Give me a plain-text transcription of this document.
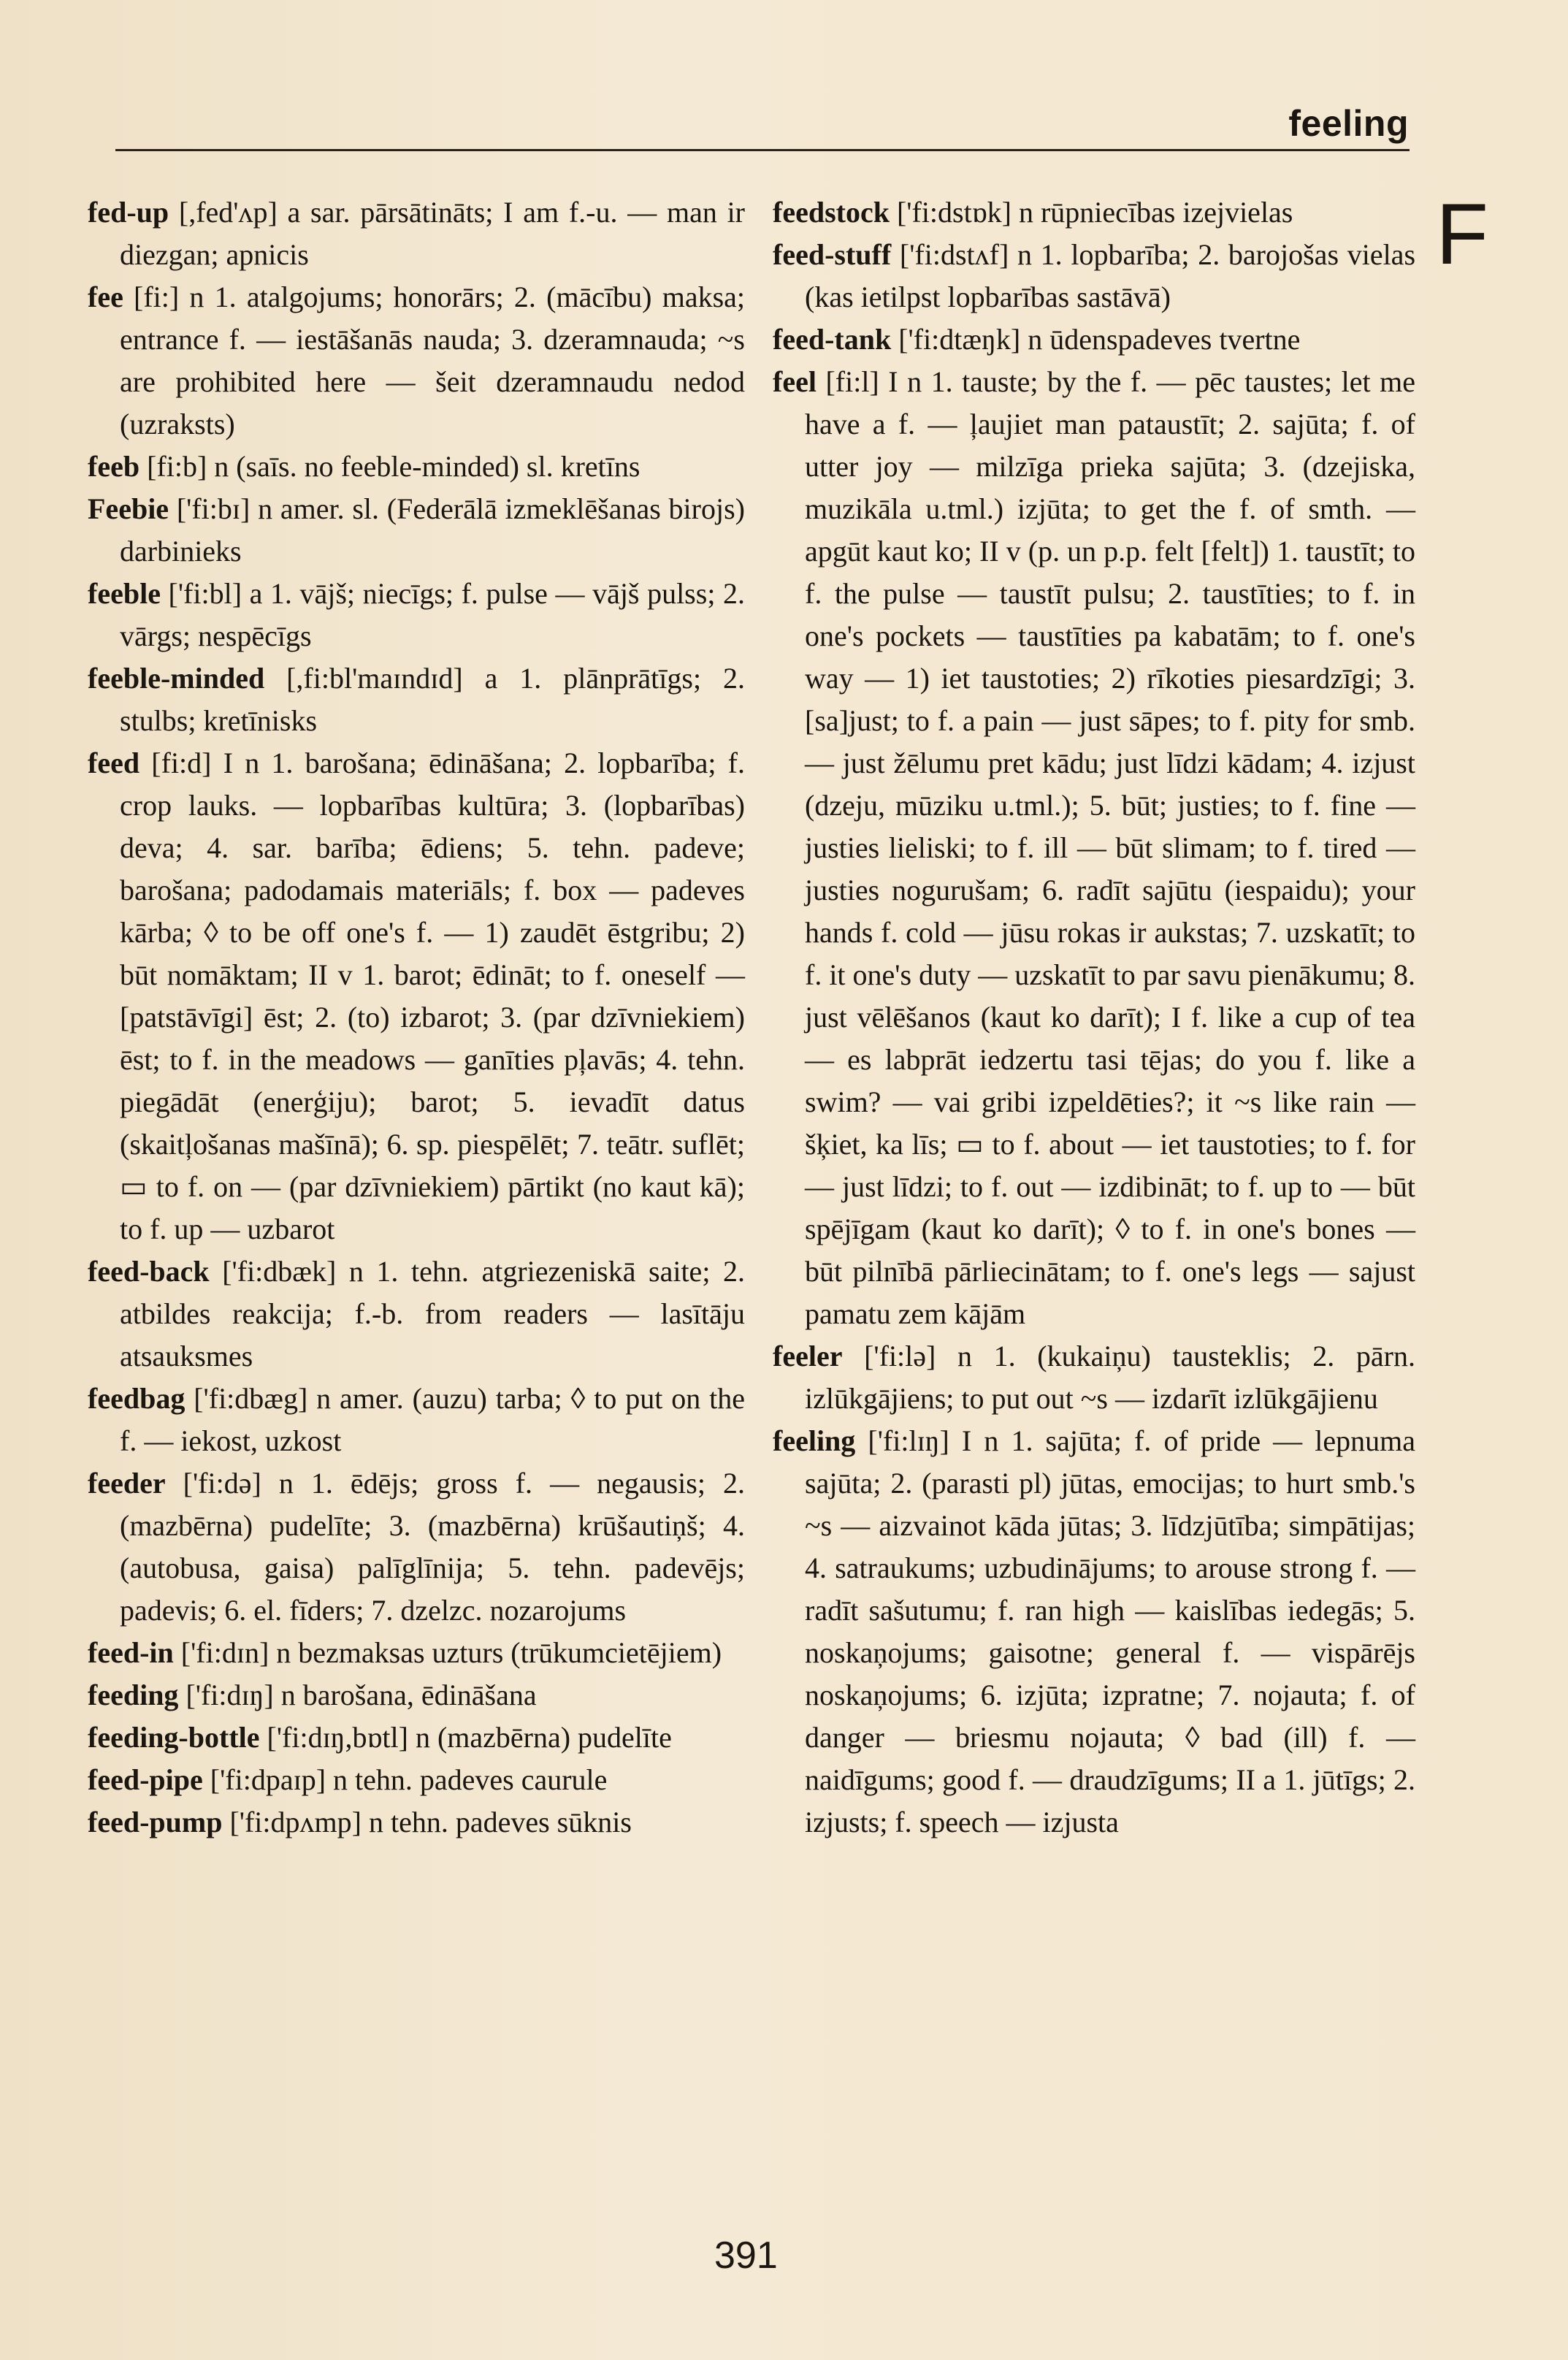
feeling
F

fed-up [,fed'ʌp] a sar. pārsātināts; I am f.-u. — man ir diezgan; apnicis

fee [fi:] n 1. atalgojums; honorārs; 2. (mācību) maksa; entrance f. — iestāšanās nauda; 3. dzeramnauda; ~s are prohibited here — šeit dzeramnaudu nedod (uzraksts)

feeb [fi:b] n (saīs. no feeble-minded) sl. kretīns

Feebie ['fi:bɪ] n amer. sl. (Federālā izmeklēšanas birojs) darbinieks

feeble ['fi:bl] a 1. vājš; niecīgs; f. pulse — vājš pulss; 2. vārgs; nespēcīgs

feeble-minded [,fi:bl'maɪndɪd] a 1. plānprātīgs; 2. stulbs; kretīnisks

feed [fi:d] I n 1. barošana; ēdināšana; 2. lopbarība; f. crop lauks. — lopbarības kultūra; 3. (lopbarības) deva; 4. sar. barība; ēdiens; 5. tehn. padeve; barošana; padodamais materiāls; f. box — padeves kārba; ◊ to be off one's f. — 1) zaudēt ēstgribu; 2) būt nomāktam; II v 1. barot; ēdināt; to f. oneself — [patstāvīgi] ēst; 2. (to) izbarot; 3. (par dzīvniekiem) ēst; to f. in the meadows — ganīties pļavās; 4. tehn. piegādāt (enerģiju); barot; 5. ievadīt datus (skaitļošanas mašīnā); 6. sp. piespēlēt; 7. teātr. suflēt; ▭ to f. on — (par dzīvniekiem) pārtikt (no kaut kā); to f. up — uzbarot

feed-back ['fi:dbæk] n 1. tehn. atgriezeniskā saite; 2. atbildes reakcija; f.-b. from readers — lasītāju atsauksmes

feedbag ['fi:dbæg] n amer. (auzu) tarba; ◊ to put on the f. — iekost, uzkost

feeder ['fi:də] n 1. ēdējs; gross f. — negausis; 2. (mazbērna) pudelīte; 3. (mazbērna) krūšautiņš; 4. (autobusa, gaisa) palīglīnija; 5. tehn. padevējs; padevis; 6. el. fīders; 7. dzelzc. nozarojums

feed-in ['fi:dɪn] n bezmaksas uzturs (trūkumcietējiem)

feeding ['fi:dɪŋ] n barošana, ēdināšana

feeding-bottle ['fi:dɪŋ,bɒtl] n (mazbērna) pudelīte

feed-pipe ['fi:dpaɪp] n tehn. padeves caurule

feed-pump ['fi:dpʌmp] n tehn. padeves sūknis

feedstock ['fi:dstɒk] n rūpniecības izejvielas

feed-stuff ['fi:dstʌf] n 1. lopbarība; 2. barojošas vielas (kas ietilpst lopbarības sastāvā)

feed-tank ['fi:dtæŋk] n ūdenspadeves tvertne

feel [fi:l] I n 1. tauste; by the f. — pēc taustes; let me have a f. — ļaujiet man pataustīt; 2. sajūta; f. of utter joy — milzīga prieka sajūta; 3. (dzejiska, muzikāla u.tml.) izjūta; to get the f. of smth. — apgūt kaut ko; II v (p. un p.p. felt [felt]) 1. taustīt; to f. the pulse — taustīt pulsu; 2. taustīties; to f. in one's pockets — taustīties pa kabatām; to f. one's way — 1) iet taustoties; 2) rīkoties piesardzīgi; 3. [sa]just; to f. a pain — just sāpes; to f. pity for smb. — just žēlumu pret kādu; just līdzi kādam; 4. izjust (dzeju, mūziku u.tml.); 5. būt; justies; to f. fine — justies lieliski; to f. ill — būt slimam; to f. tired — justies nogurušam; 6. radīt sajūtu (iespaidu); your hands f. cold — jūsu rokas ir aukstas; 7. uzskatīt; to f. it one's duty — uzskatīt to par savu pienākumu; 8. just vēlēšanos (kaut ko darīt); I f. like a cup of tea — es labprāt iedzertu tasi tējas; do you f. like a swim? — vai gribi izpeldēties?; it ~s like rain — šķiet, ka līs; ▭ to f. about — iet taustoties; to f. for — just līdzi; to f. out — izdibināt; to f. up to — būt spējīgam (kaut ko darīt); ◊ to f. in one's bones — būt pilnībā pārliecinātam; to f. one's legs — sajust pamatu zem kājām

feeler ['fi:lə] n 1. (kukaiņu) tausteklis; 2. pārn. izlūkgājiens; to put out ~s — izdarīt izlūkgājienu

feeling ['fi:lɪŋ] I n 1. sajūta; f. of pride — lepnuma sajūta; 2. (parasti pl) jūtas, emocijas; to hurt smb.'s ~s — aizvainot kāda jūtas; 3. līdzjūtība; simpātijas; 4. satraukums; uzbudinājums; to arouse strong f. — radīt sašutumu; f. ran high — kaislības iedegās; 5. noskaņojums; gaisotne; general f. — vispārējs noskaņojums; 6. izjūta; izpratne; 7. nojauta; f. of danger — briesmu nojauta; ◊ bad (ill) f. — naidīgums; good f. — draudzīgums; II a 1. jūtīgs; 2. izjusts; f. speech — izjusta

391
